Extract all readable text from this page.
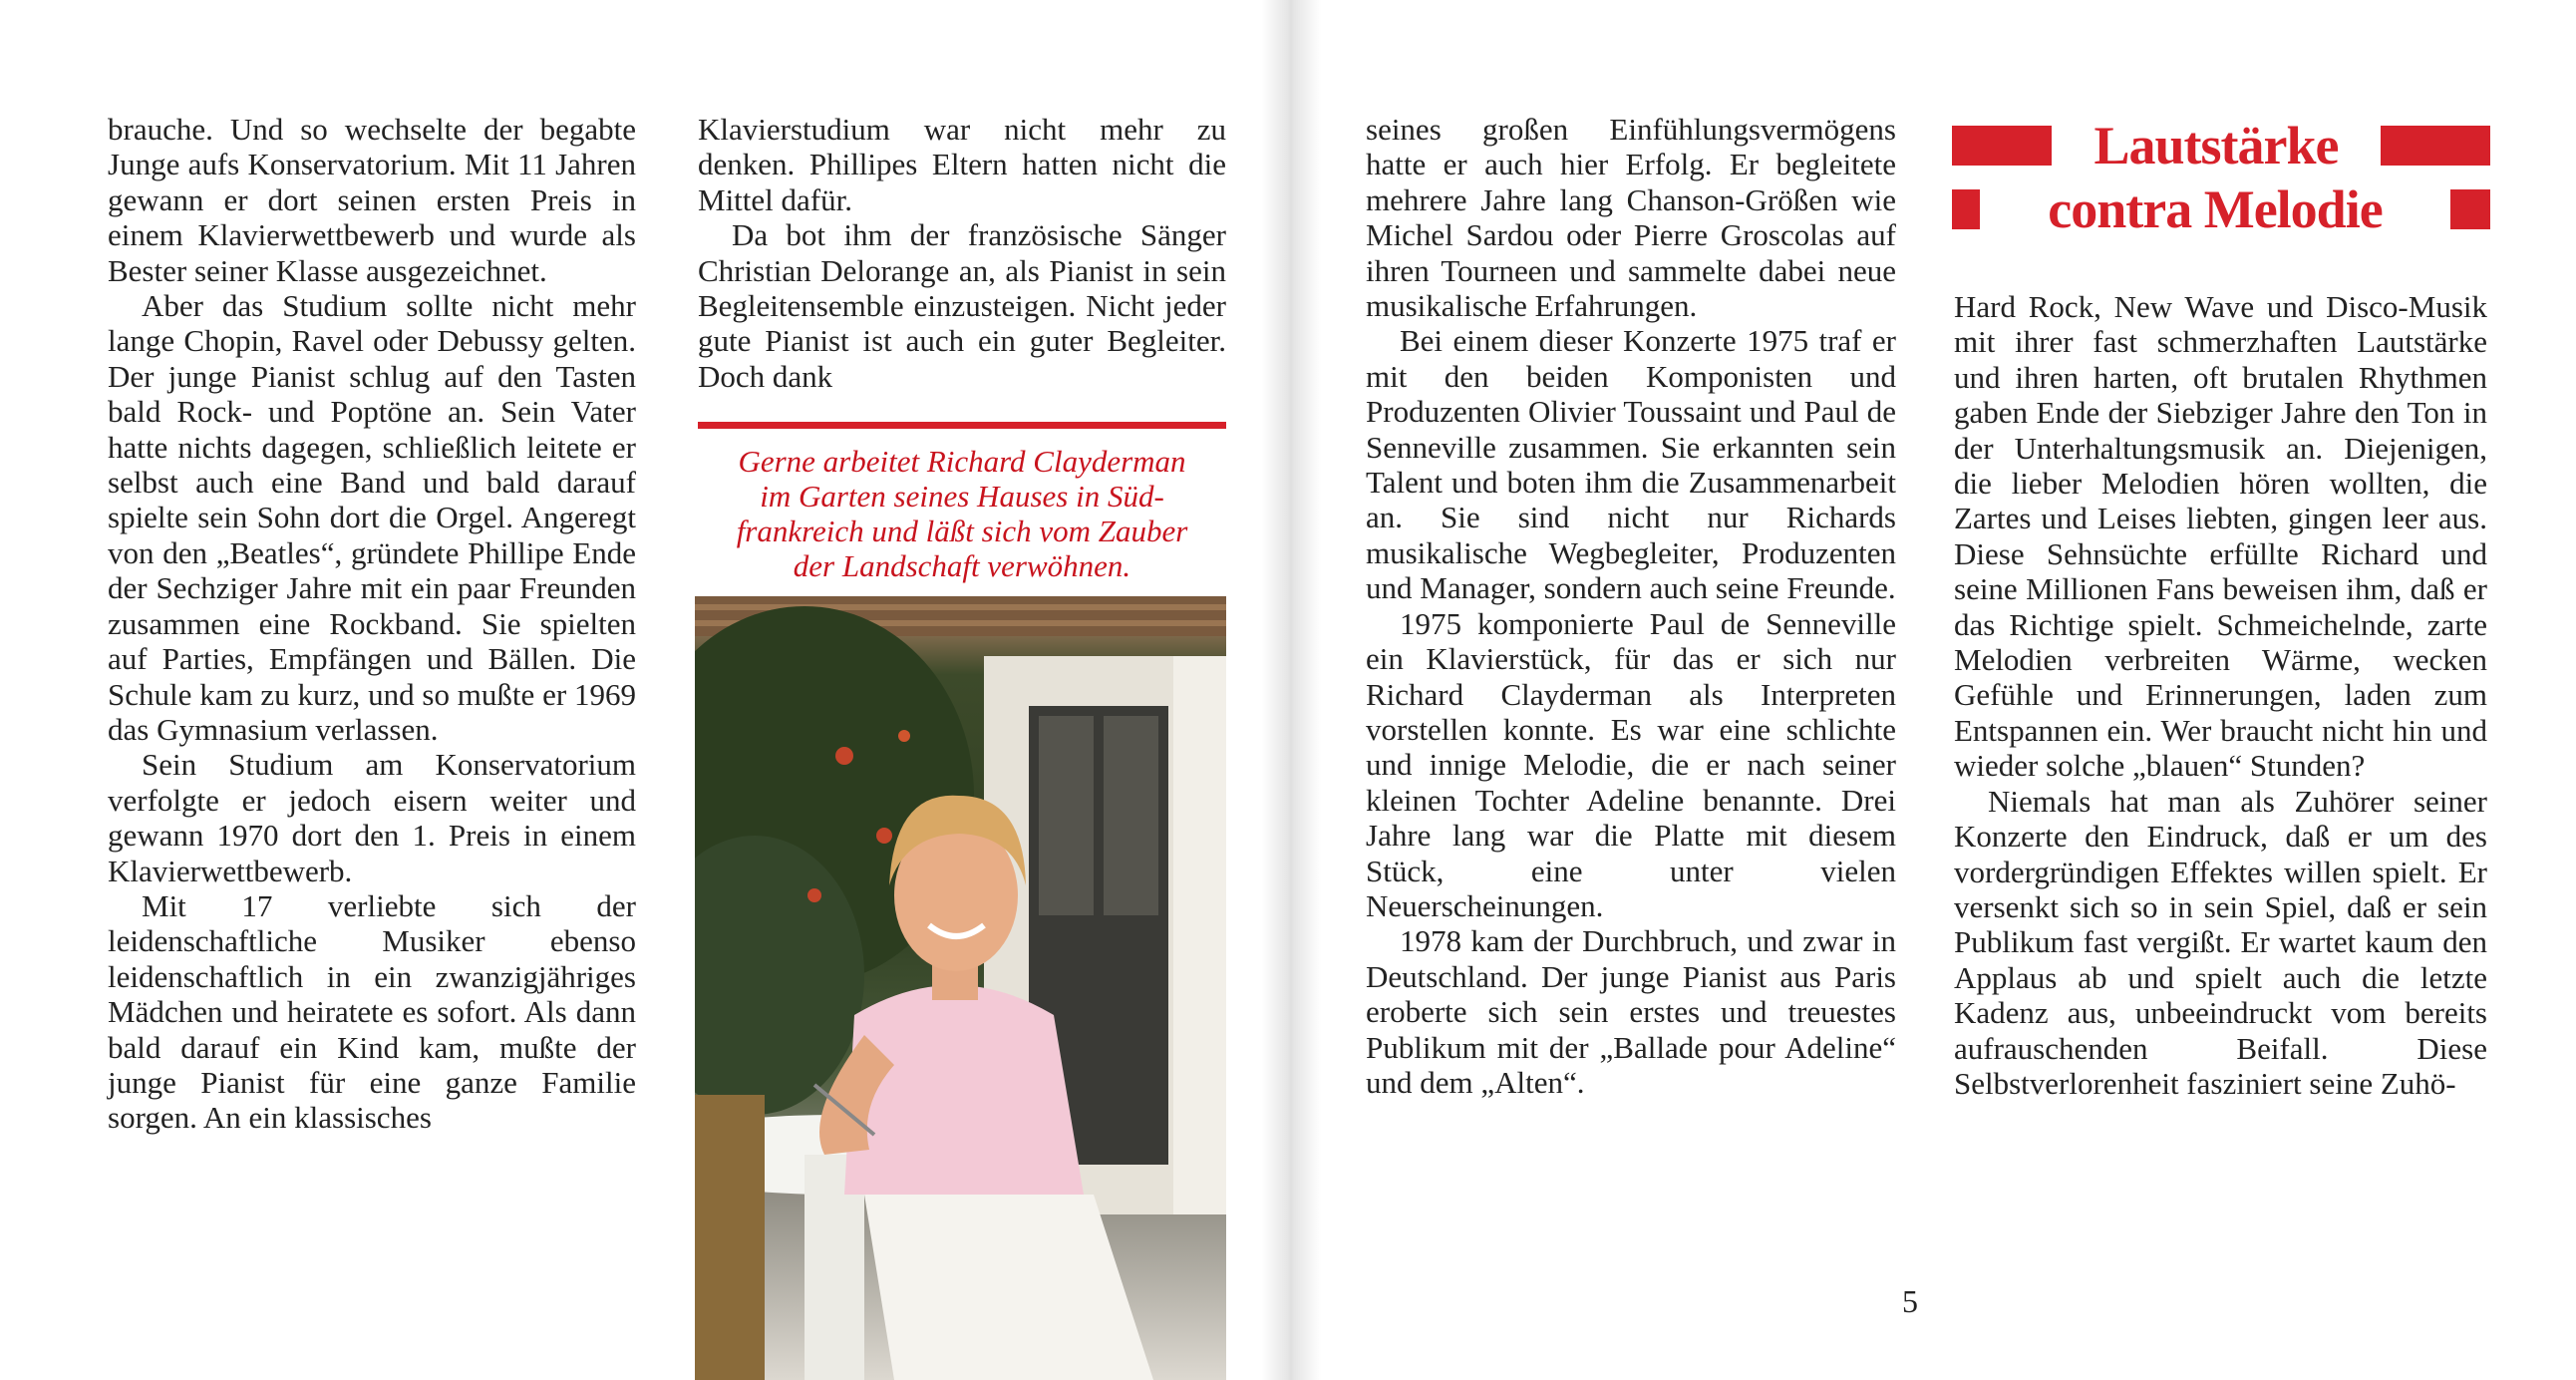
brauche. Und so wechselte der begabte Junge aufs Konservatorium. Mit 11 Jahren gewann er dort seinen ersten Preis in einem Klavierwettbewerb und wurde als Bester seiner Klasse ausgezeichnet.

Aber das Studium sollte nicht mehr lange Chopin, Ravel oder Debussy gelten. Der junge Pianist schlug auf den Tasten bald Rock- und Poptöne an. Sein Vater hatte nichts dagegen, schließlich leitete er selbst auch eine Band und bald darauf spielte sein Sohn dort die Orgel. Angeregt von den „Beatles“, gründete Phillipe Ende der Sechziger Jahre mit ein paar Freunden zusammen eine Rockband. Sie spielten auf Parties, Empfängen und Bällen. Die Schule kam zu kurz, und so mußte er 1969 das Gymnasium verlassen.

Sein Studium am Konservatorium verfolgte er jedoch eisern weiter und gewann 1970 dort den 1. Preis in einem Klavierwettbewerb.

Mit 17 verliebte sich der leidenschaftliche Musiker ebenso leidenschaftlich in ein zwanzigjähriges Mädchen und heiratete es sofort. Als dann bald darauf ein Kind kam, mußte der junge Pianist für eine ganze Familie sorgen. An ein klassisches

Klavierstudium war nicht mehr zu denken. Phillipes Eltern hatten nicht die Mittel dafür.

Da bot ihm der französische Sänger Christian Delorange an, als Pianist in sein Begleitensemble einzusteigen. Nicht jeder gute Pianist ist auch ein guter Begleiter. Doch dank

Gerne arbeitet Richard Clayderman
im Garten seines Hauses in Süd-
frankreich und läßt sich vom Zauber
der Landschaft verwöhnen.

seines großen Einfühlungsvermögens hatte er auch hier Erfolg. Er begleitete mehrere Jahre lang Chanson-Größen wie Michel Sardou oder Pierre Groscolas auf ihren Tourneen und sammelte dabei neue musikalische Erfahrungen.

Bei einem dieser Konzerte 1975 traf er mit den beiden Komponisten und Produzenten Olivier Toussaint und Paul de Senneville zusammen. Sie erkannten sein Talent und boten ihm die Zusammenarbeit an. Sie sind nicht nur Richards musikalische Wegbegleiter, Produzenten und Manager, sondern auch seine Freunde.

1975 komponierte Paul de Senneville ein Klavierstück, für das er sich nur Richard Clayderman als Interpreten vorstellen konnte. Es war eine schlichte und innige Melodie, die er nach seiner kleinen Tochter Adeline benannte. Drei Jahre lang war die Platte mit diesem Stück, eine unter vielen Neuerscheinungen.

1978 kam der Durchbruch, und zwar in Deutschland. Der junge Pianist aus Paris eroberte sich sein erstes und treuestes Publikum mit der „Ballade pour Adeline“ und dem „Alten“.

Lautstärke
contra Melodie

Hard Rock, New Wave und Disco-Musik mit ihrer fast schmerzhaften Lautstärke und ihren harten, oft brutalen Rhythmen gaben Ende der Siebziger Jahre den Ton in der Unterhaltungsmusik an. Diejenigen, die lieber Melodien hören wollten, die Zartes und Leises liebten, gingen leer aus. Diese Sehnsüchte erfüllte Richard und seine Millionen Fans beweisen ihm, daß er das Richtige spielt. Schmeichelnde, zarte Melodien verbreiten Wärme, wecken Gefühle und Erinnerungen, laden zum Entspannen ein. Wer braucht nicht hin und wieder solche „blauen“ Stunden?

Niemals hat man als Zuhörer seiner Konzerte den Eindruck, daß er um des vordergründigen Effektes willen spielt. Er versenkt sich so in sein Spiel, daß er sein Publikum fast vergißt. Er wartet kaum den Applaus ab und spielt auch die letzte Kadenz aus, unbeeindruckt vom bereits aufrauschenden Beifall. Diese Selbstverlorenheit fasziniert seine Zuhö-

5
